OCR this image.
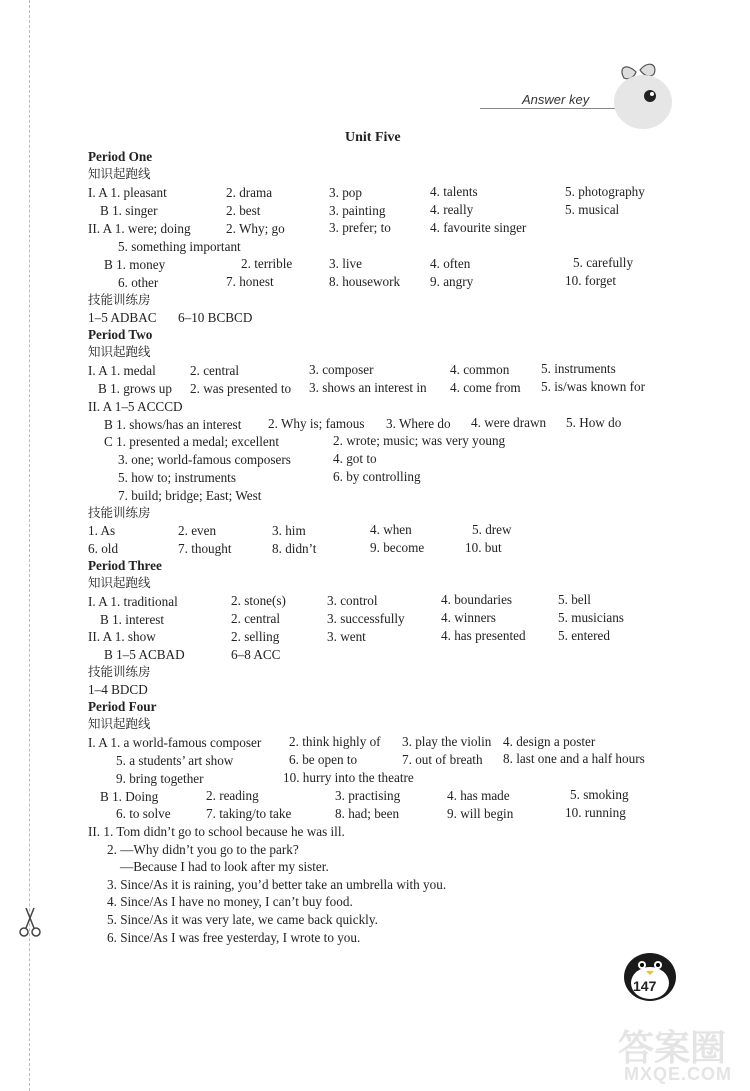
Answer key
Unit Five
Period One
知识起跑线
I. A 1. pleasant	2. drama	3. pop	4. talents	5. photography
B 1. singer	2. best	3. painting	4. really	5. musical
II. A 1. were; doing	2. Why; go	3. prefer; to	4. favourite singer
5. something important
B 1. money	2. terrible	3. live	4. often	5. carefully
6. other	7. honest	8. housework 9. angry	10. forget
技能训练房
1–5 ADBAC 6–10 BCBCD
Period Two
知识起跑线
I. A 1. medal	2. central	3. composer	4. common 5. instruments
B 1. grows up 2. was presented to 3. shows an interest in 4. come from 5. is/was known for
II. A 1–5 ACCCD
B 1. shows/has an interest 2. Why is; famous 3. Where do 4. were drawn 5. How do
C 1. presented a medal; excellent	2. wrote; music; was very young
3. one; world-famous composers	4. got to
5. how to; instruments	6. by controlling
7. build; bridge; East; West
技能训练房
1. As	2. even	3. him	4. when	5. drew
6. old	7. thought	8. didn’t	9. become	10. but
Period Three
知识起跑线
I. A 1. traditional	2. stone(s)	3. control	4. boundaries	5. bell
B 1. interest	2. central	3. successfully	4. winners	5. musicians
II. A 1. show	2. selling	3. went	4. has presented 5. entered
B 1–5 ACBAD	6–8 ACC
技能训练房
1–4 BDCD
Period Four
知识起跑线
I. A 1. a world-famous composer 2. think highly of 3. play the violin 4. design a poster
5. a students’ art show	6. be open to	7. out of breath 8. last one and a half hours
9. bring together	10. hurry into the theatre
B 1. Doing	2. reading	3. practising	4. has made	5. smoking
6. to solve	7. taking/to take	8. had; been	9. will begin	10. running
II. 1. Tom didn’t go to school because he was ill.
2. —Why didn’t you go to the park?
—Because I had to look after my sister.
3. Since/As it is raining, you’d better take an umbrella with you.
4. Since/As I have no money, I can’t buy food.
5. Since/As it was very late, we came back quickly.
6. Since/As I was free yesterday, I wrote to you.
147
答案圈
MXQE.COM
